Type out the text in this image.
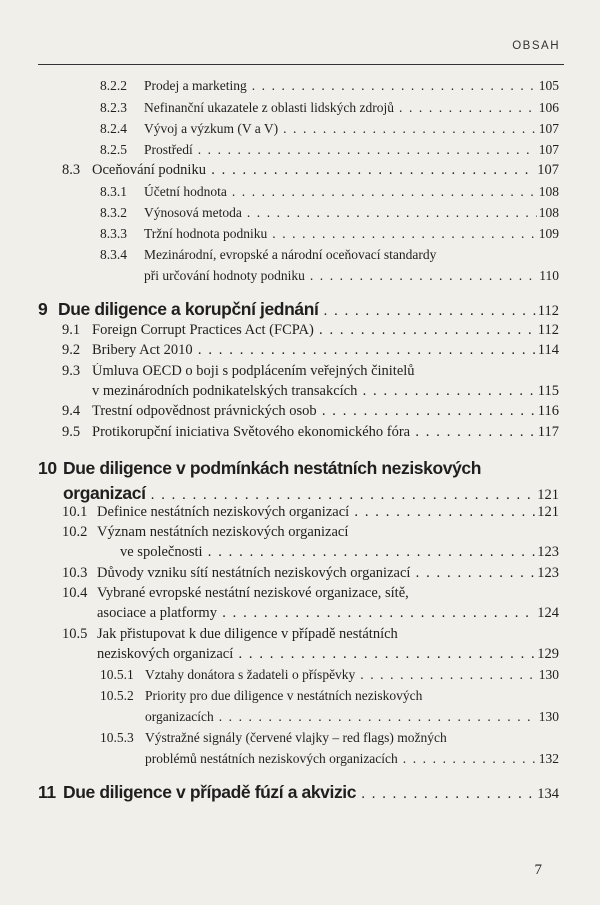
OBSAH
8.2.2 Prodej a marketing . . .	105
8.2.3 Nefinanční ukazatele z oblasti lidských zdrojů . . .	106
8.2.4 Vývoj a výzkum (V a V) . . .	107
8.2.5 Prostředí . . .	107
8.3 Oceňování podniku . . .	107
8.3.1 Účetní hodnota . . .	108
8.3.2 Výnosová metoda . . .	108
8.3.3 Tržní hodnota podniku . . .	109
8.3.4 Mezinárodní, evropské a národní oceňovací standardy
při určování hodnoty podniku . . .	110
9 Due diligence a korupční jednání . . .	112
9.1 Foreign Corrupt Practices Act (FCPA) . . .	112
9.2 Bribery Act 2010 . . .	114
9.3 Úmluva OECD o boji s podplácením veřejných činitelů
v mezinárodních podnikatelských transakcích . . .	115
9.4 Trestní odpovědnost právnických osob . . .	116
9.5 Protikorupční iniciativa Světového ekonomického fóra . . .	117
10 Due diligence v podmínkách nestátních neziskových
organizací . . .	121
10.1 Definice nestátních neziskových organizací . . .	121
10.2 Význam nestátních neziskových organizací
ve společnosti . . .	123
10.3 Důvody vzniku sítí nestátních neziskových organizací . . .	123
10.4 Vybrané evropské nestátní neziskové organizace, sítě,
asociace a platformy . . .	124
10.5 Jak přistupovat k due diligence v případě nestátních
neziskových organizací . . .	129
10.5.1 Vztahy donátora s žadateli o příspěvky . . .	130
10.5.2 Priority pro due diligence v nestátních neziskových
organizacích . . .	130
10.5.3 Výstražné signály (červené vlajky – red flags) možných
problémů nestátních neziskových organizacích . . .	132
11 Due diligence v případě fúzí a akvizic . . .	134
7
